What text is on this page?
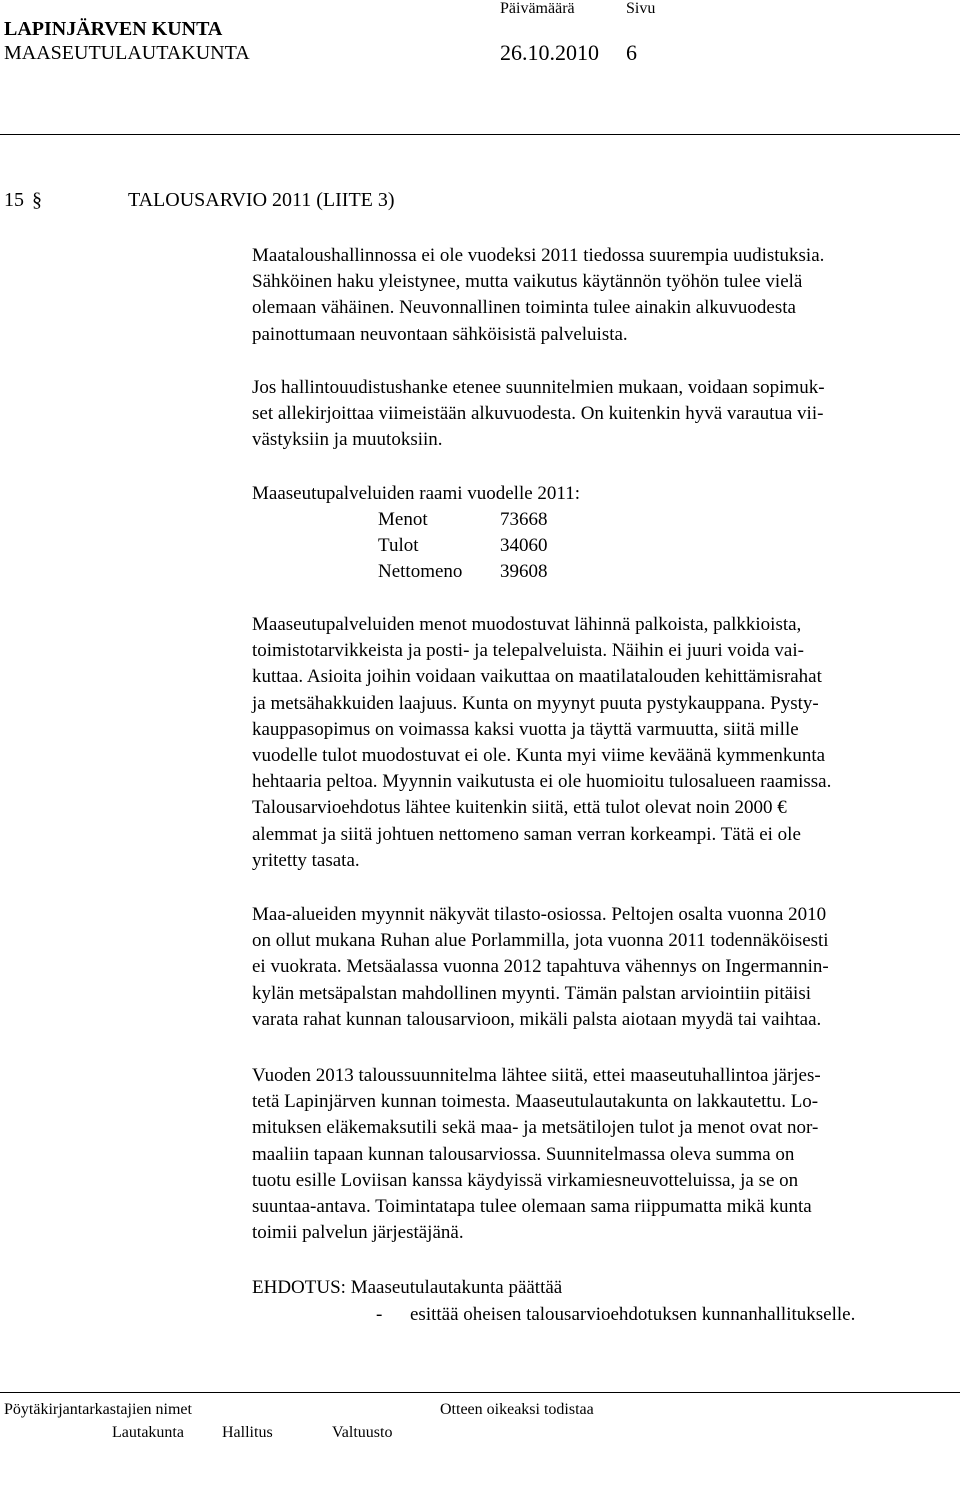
LAPINJÄRVEN KUNTA
MAASEUTULAUTAKUNTA
Päivämäärä	Sivu
26.10.2010 6
15 §	TALOUSARVIO 2011 (LIITE 3)
Maataloushallinnossa ei ole vuodeksi 2011 tiedossa suurempia uudistuksia.
Sähköinen haku yleistynee, mutta vaikutus käytännön työhön tulee vielä
olemaan vähäinen. Neuvonnallinen toiminta tulee ainakin alkuvuodesta
painottumaan neuvontaan sähköisistä palveluista.
Jos hallintouudistushanke etenee suunnitelmien mukaan, voidaan sopimuk-
set allekirjoittaa viimeistään alkuvuodesta. On kuitenkin hyvä varautua vii-
västyksiin ja muutoksiin.
Maaseutupalveluiden raami vuodelle 2011:
Menot	73668
Tulot	34060
Nettomeno 39608
Maaseutupalveluiden menot muodostuvat lähinnä palkoista, palkkioista,
toimistotarvikkeista ja posti- ja telepalveluista. Näihin ei juuri voida vai-
kuttaa. Asioita joihin voidaan vaikuttaa on maatilatalouden kehittämisrahat
ja metsähakkuiden laajuus. Kunta on myynyt puuta pystykauppana. Pysty-
kauppasopimus on voimassa kaksi vuotta ja täyttä varmuutta, siitä mille
vuodelle tulot muodostuvat ei ole. Kunta myi viime keväänä kymmenkunta
hehtaaria peltoa. Myynnin vaikutusta ei ole huomioitu tulosalueen raamissa.
Talousarvioehdotus lähtee kuitenkin siitä, että tulot olevat noin 2000 €
alemmat ja siitä johtuen nettomeno saman verran korkeampi. Tätä ei ole
yritetty tasata.
Maa-alueiden myynnit näkyvät tilasto-osiossa. Peltojen osalta vuonna 2010
on ollut mukana Ruhan alue Porlammilla, jota vuonna 2011 todennäköisesti
ei vuokrata. Metsäalassa vuonna 2012 tapahtuva vähennys on Ingermannin-
kylän metsäpalstan mahdollinen myynti. Tämän palstan arviointiin pitäisi
varata rahat kunnan talousarvioon, mikäli palsta aiotaan myydä tai vaihtaa.
Vuoden 2013 taloussuunnitelma lähtee siitä, ettei maaseutuhallintoa järjes-
tetä Lapinjärven kunnan toimesta. Maaseutulautakunta on lakkautettu. Lo-
mituksen eläkemaksutili sekä maa- ja metsätilojen tulot ja menot ovat nor-
maaliin tapaan kunnan talousarviossa. Suunnitelmassa oleva summa on
tuotu esille Loviisan kanssa käydyissä virkamiesneuvotteluissa, ja se on
suuntaa-antava. Toimintatapa tulee olemaan sama riippumatta mikä kunta
toimii palvelun järjestäjänä.
EHDOTUS: Maaseutulautakunta päättää
- esittää oheisen talousarvioehdotuksen kunnanhallitukselle.
Pöytäkirjantarkastajien nimet	Otteen oikeaksi todistaa
Lautakunta Hallitus	Valtuusto
